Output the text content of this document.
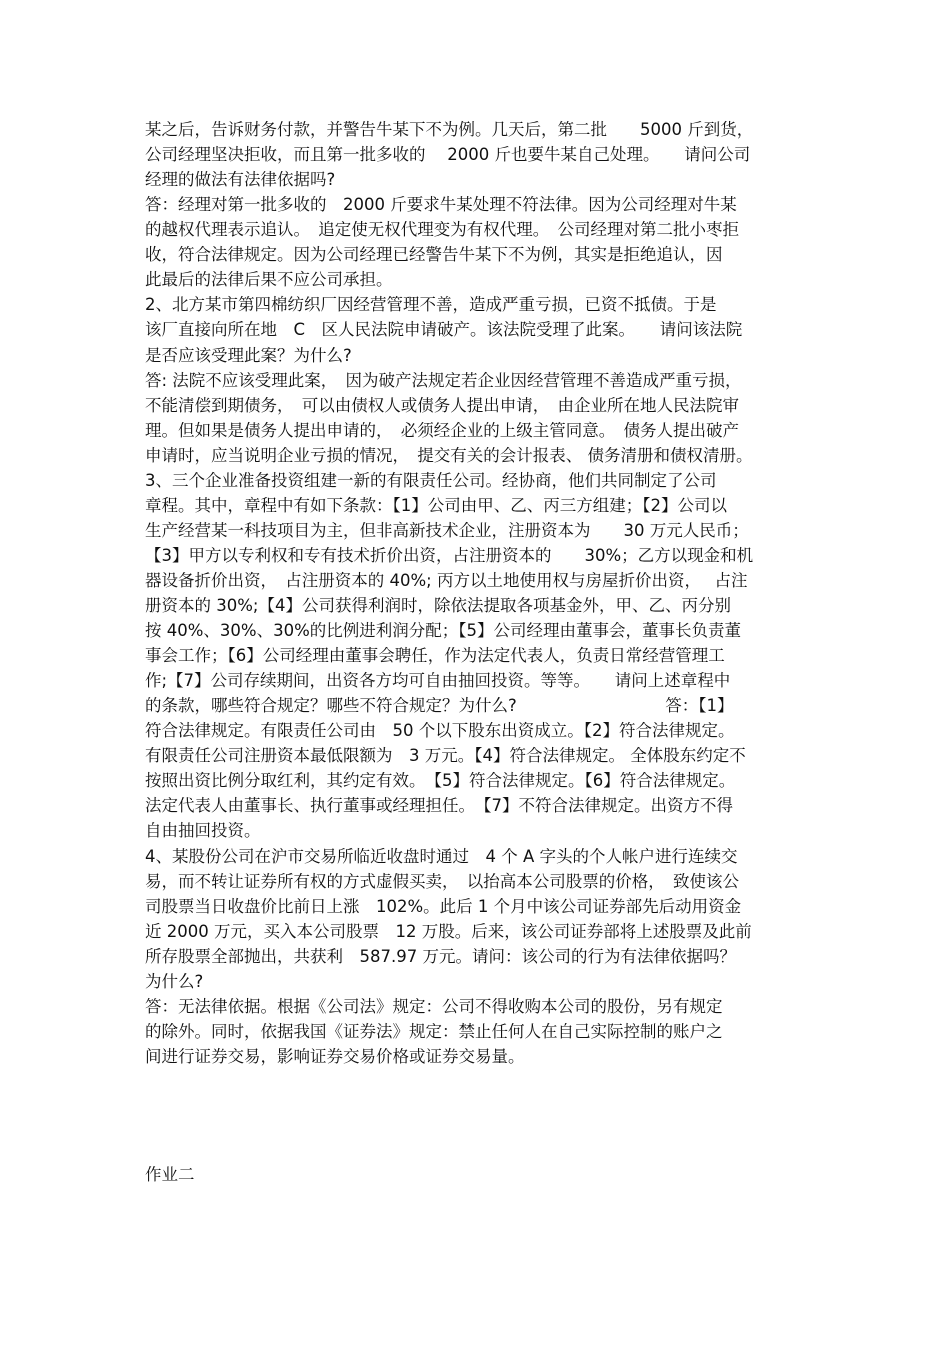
某之后，告诉财务付款，并警告牛某下不为例。几天后，第二批　　5000 斤到货，

公司经理坚决拒收，而且第一批多收的　 2000 斤也要牛某自己处理。　　请问公司

经理的做法有法律依据吗?

答：经理对第一批多收的　2000 斤要求牛某处理不符法律。因为公司经理对牛某

的越权代理表示追认。　追定使无权代理变为有权代理。　公司经理对第二批小枣拒

收，符合法律规定。因为公司经理已经警告牛某下不为例，其实是拒绝追认，因

此最后的法律后果不应公司承担。

2、北方某市第四棉纺织厂因经营管理不善，造成严重亏损，已资不抵债。于是

该厂直接向所在地　C　区人民法院申请破产。该法院受理了此案。　　请问该法院

是否应该受理此案？为什么?

答: 法院不应该受理此案，　因为破产法规定若企业因经营管理不善造成严重亏损，

不能清偿到期债务，　可以由债权人或债务人提出申请，　由企业所在地人民法院审

理。但如果是债务人提出申请的，　必须经企业的上级主管同意。　债务人提出破产

申请时，应当说明企业亏损的情况，　提交有关的会计报表、 债务清册和债权清册。

3、三个企业准备投资组建一新的有限责任公司。经协商，他们共同制定了公司

章程。其中，章程中有如下条款：【1】公司由甲、乙、丙三方组建；【2】公司以

生产经营某一科技项目为主，但非高新技术企业，注册资本为　　30 万元人民币；

【3】甲方以专利权和专有技术折价出资，占注册资本的　　30%；乙方以现金和机

器设备折价出资，　占注册资本的 40%; 丙方以土地使用权与房屋折价出资，　 占注

册资本的 30%;【4】公司获得利润时，除依法提取各项基金外，甲、乙、丙分别

按 40%、30%、30%的比例进利润分配；【5】公司经理由董事会，董事长负责董

事会工作；【6】公司经理由董事会聘任，作为法定代表人，负责日常经营管理工

作;【7】公司存续期间，出资各方均可自由抽回投资。等等。　　请问上述章程中

的条款，哪些符合规定？哪些不符合规定？为什么?　　　　　　　　　答：【1】

符合法律规定。有限责任公司由　50 个以下股东出资成立。【2】符合法律规定。

有限责任公司注册资本最低限额为　3 万元。【4】符合法律规定。 全体股东约定不

按照出资比例分取红利，其约定有效。　【5】符合法律规定。【6】符合法律规定。

法定代表人由董事长、执行董事或经理担任。　【7】不符合法律规定。出资方不得

自由抽回投资。

4、某股份公司在沪市交易所临近收盘时通过　4 个 A 字头的个人帐户进行连续交

易，而不转让证券所有权的方式虚假买卖，　以抬高本公司股票的价格，　致使该公

司股票当日收盘价比前日上涨　102%。此后 1 个月中该公司证券部先后动用资金

近 2000 万元，买入本公司股票　12 万股。后来，该公司证券部将上述股票及此前

所存股票全部抛出，共获利　587.97 万元。请问：该公司的行为有法律依据吗？

为什么?

答：无法律依据。根据《公司法》规定：公司不得收购本公司的股份，另有规定

的除外。同时，依据我国《证券法》规定：禁止任何人在自己实际控制的账户之

间进行证券交易，影响证券交易价格或证券交易量。

作业二
